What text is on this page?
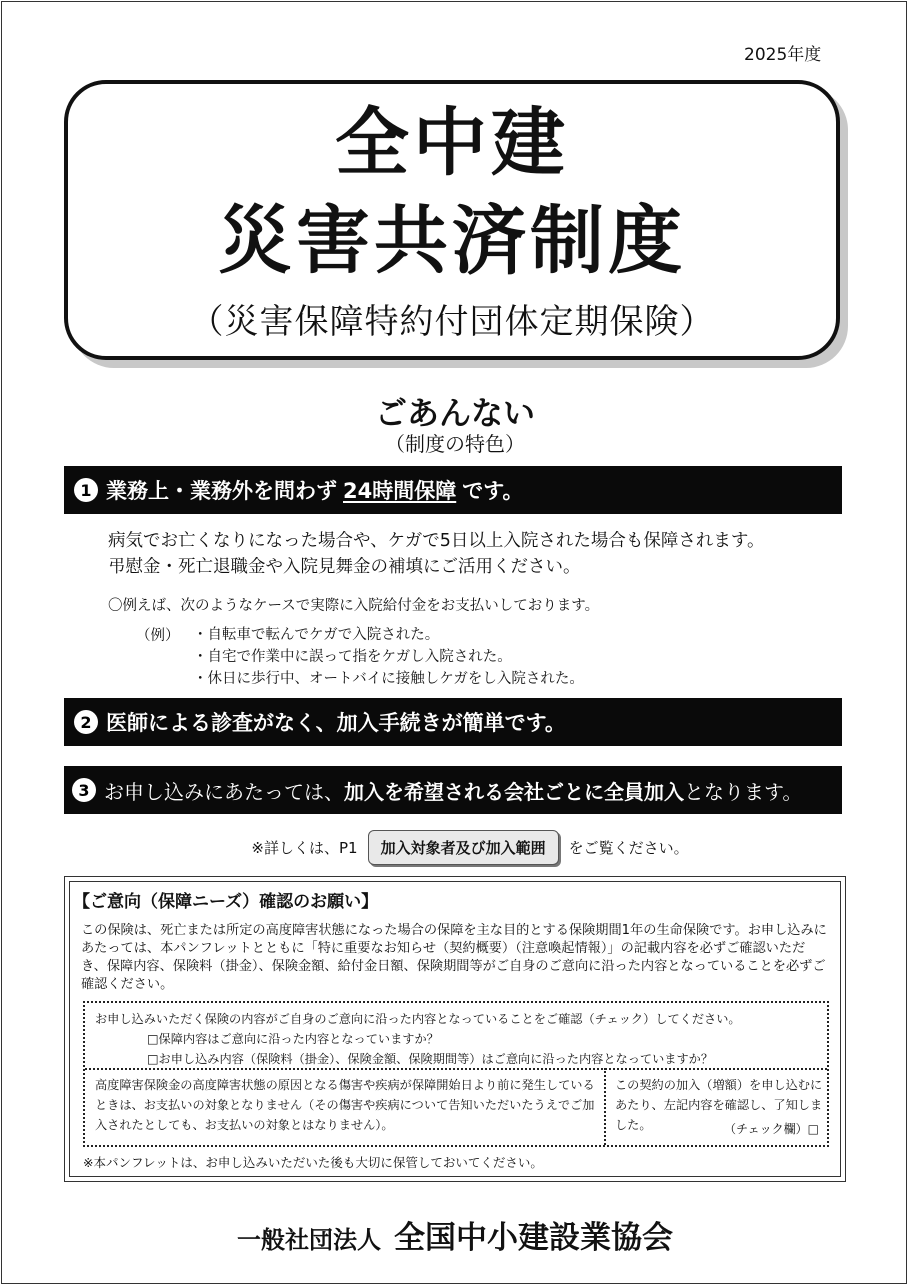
2025年度
全中建
災害共済制度
（災害保障特約付団体定期保険）
ごあんない
（制度の特色）
1 業務上・業務外を問わず 24時間保障 です。
病気でお亡くなりになった場合や、ケガで5日以上入院された場合も保障されます。
弔慰金・死亡退職金や入院見舞金の補填にご活用ください。
〇例えば、次のようなケースで実際に入院給付金をお支払いしております。
（例） ・自転車で転んでケガで入院された。
・自宅で作業中に誤って指をケガし入院された。
・休日に歩行中、オートバイに接触しケガをし入院された。
2 医師による診査がなく、加入手続きが簡単です。
3 お申し込みにあたっては、 加入を希望される会社ごとに全員加入 となります。
※詳しくは、P1	加入対象者及び加入範囲	をご覧ください。
【ご意向（保障ニーズ）確認のお願い】
この保険は、死亡または所定の高度障害状態になった場合の保障を主な目的とする保険期間1年の生命保険です。お申し込みにあたっては、本パンフレットとともに「特に重要なお知らせ（契約概要）（注意喚起情報）」の記載内容を必ずご確認いただき、保障内容、保険料（掛金）、保険金額、給付金日額、保険期間等がご自身のご意向に沿った内容となっていることを必ずご確認ください。
お申し込みいただく保険の内容がご自身のご意向に沿った内容となっていることをご確認（チェック）してください。
□保障内容はご意向に沿った内容となっていますか？
□お申し込み内容（保険料（掛金）、保険金額、保険期間等）はご意向に沿った内容となっていますか？
高度障害保険金の高度障害状態の原因となる傷害や疾病が保障開始日より前に発生しているときは、お支払いの対象となりません（その傷害や疾病について告知いただいたうえでご加入されたとしても、お支払いの対象とはなりません）。
この契約の加入（増額）を申し込むにあたり、左記内容を確認し、了知しました。	（チェック欄）□
※本パンフレットは、お申し込みいただいた後も大切に保管しておいてください。
一般社団法人 全国中小建設業協会
